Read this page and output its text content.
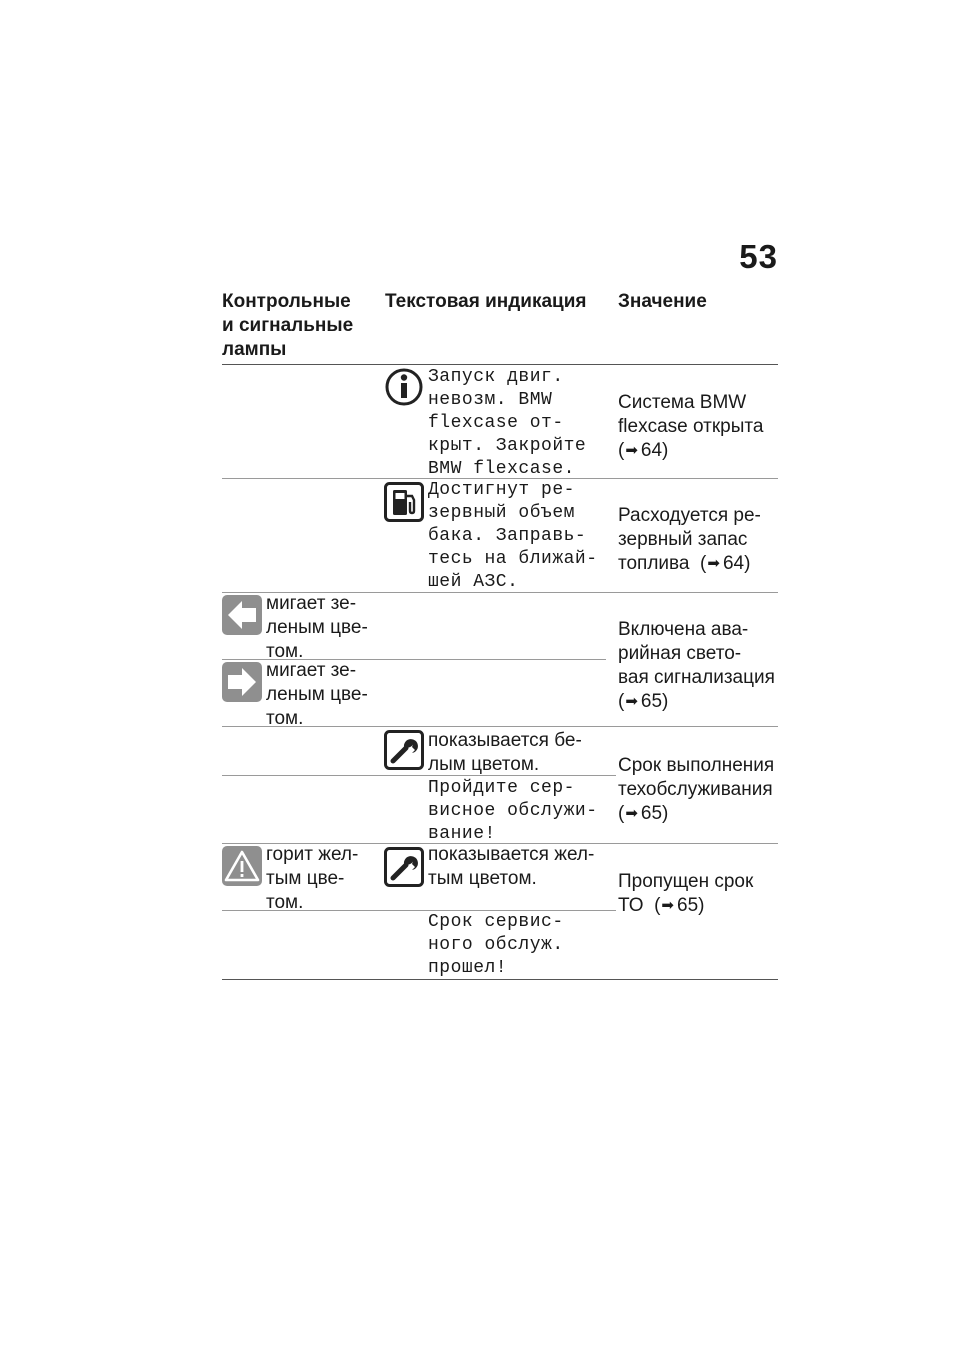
53
Контрольные
и сигнальные
лампы
Текстовая индикация	Значение
Запуск двиг.
невозм. BMW
flexcase от-
крыт. Закройте
BMW flexcase.

Система BMW
flexcase открыта
(➡ 64)

Достигнут ре-
зервный объем
бака. Заправь-
тесь на ближай-
шей АЗС.

Расходуется ре-
зервный запас
топлива  (➡ 64)

мигает зе-
леным цве-
том.
мигает зе-
леным цве-
том.

Включена ава-
рийная свето-
вая сигнализация
(➡ 65)

показывается бе-
лым цветом.
Пройдите сер-
висное обслужи-
вание!

Срок выполнения
техобслуживания
(➡ 65)

горит жел-
тым цве-
том.
показывается жел-
тым цветом.
Срок сервис-
ного обслуж.
прошел!

Пропущен срок
ТО  (➡ 65)
